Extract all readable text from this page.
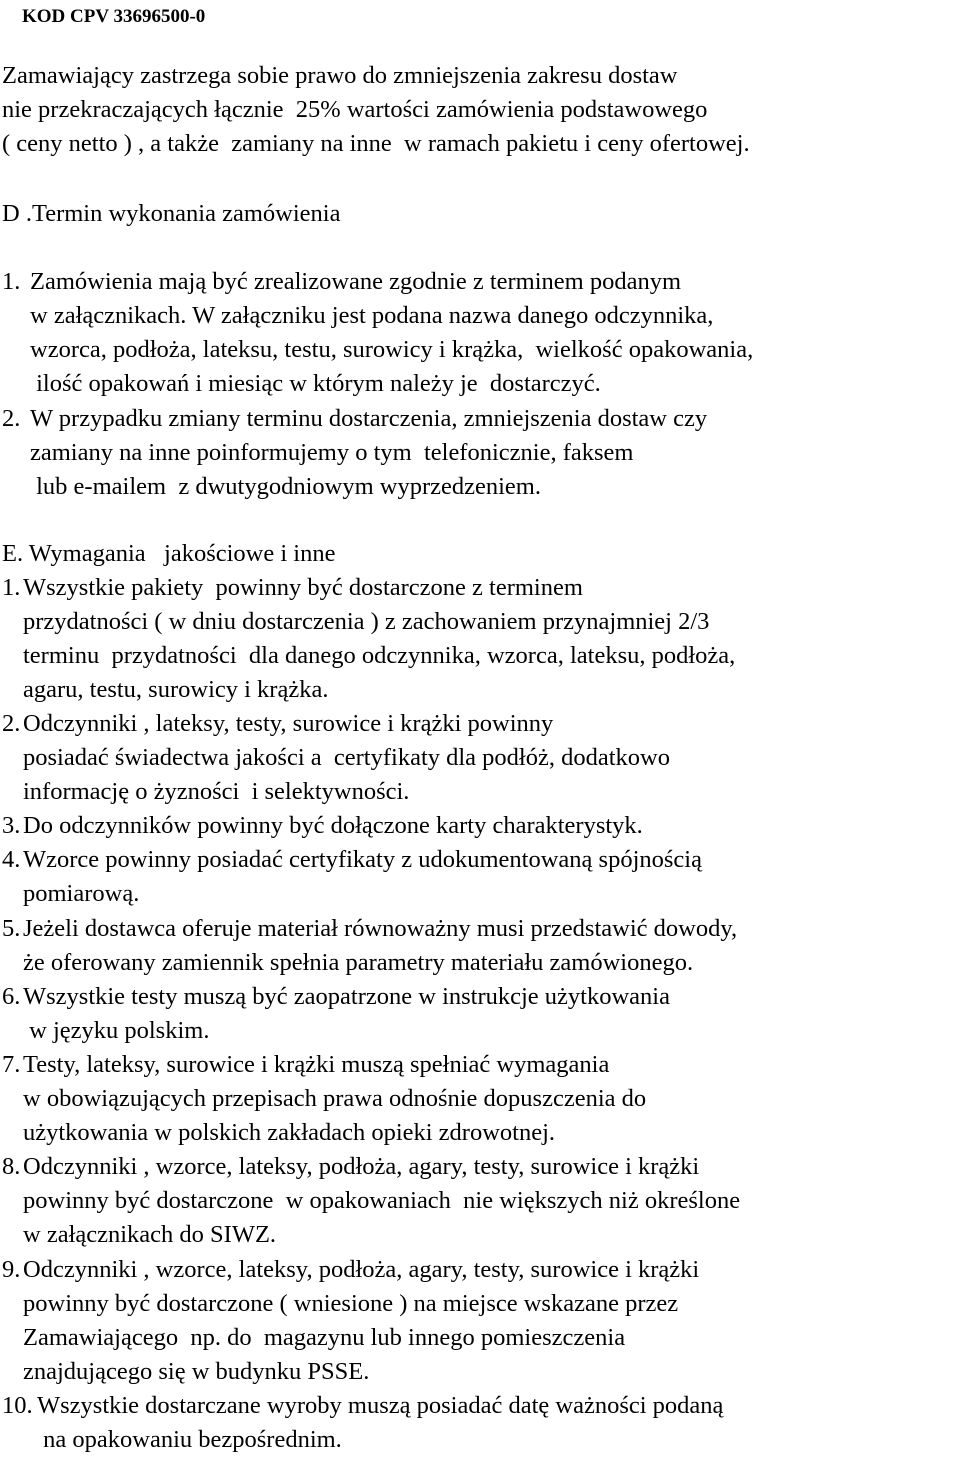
KOD CPV 33696500-0
Zamawiający zastrzega sobie prawo do zmniejszenia zakresu dostaw
nie przekraczających łącznie  25% wartości zamówienia podstawowego
( ceny netto ) , a także  zamiany na inne  w ramach pakietu i ceny ofertowej.
D .Termin wykonania zamówienia
1. Zamówienia mają być zrealizowane zgodnie z terminem podanym
w załącznikach. W załączniku jest podana nazwa danego odczynnika,
wzorca, podłoża, lateksu, testu, surowicy i krążka,  wielkość opakowania,
ilość opakowań i miesiąc w którym należy je  dostarczyć.
2. W przypadku zmiany terminu dostarczenia, zmniejszenia dostaw czy
zamiany na inne poinformujemy o tym  telefonicznie, faksem
lub e-mailem  z dwutygodniowym wyprzedzeniem.
E. Wymagania   jakościowe i inne
1. Wszystkie pakiety  powinny być dostarczone z terminem
przydatności ( w dniu dostarczenia ) z zachowaniem przynajmniej 2/3
terminu  przydatności  dla danego odczynnika, wzorca, lateksu, podłoża,
agaru, testu, surowicy i krążka.
2. Odczynniki , lateksy, testy, surowice i krążki powinny
posiadać świadectwa jakości a  certyfikaty dla podłóż, dodatkowo
informację o żyzności  i selektywności.
3. Do odczynników powinny być dołączone karty charakterystyk.
4. Wzorce powinny posiadać certyfikaty z udokumentowaną spójnością
pomiarową.
5. Jeżeli dostawca oferuje materiał równoważny musi przedstawić dowody,
że oferowany zamiennik spełnia parametry materiału zamówionego.
6. Wszystkie testy muszą być zaopatrzone w instrukcje użytkowania
w języku polskim.
7. Testy, lateksy, surowice i krążki muszą spełniać wymagania
w obowiązujących przepisach prawa odnośnie dopuszczenia do
użytkowania w polskich zakładach opieki zdrowotnej.
8. Odczynniki , wzorce, lateksy, podłoża, agary, testy, surowice i krążki
powinny być dostarczone  w opakowaniach  nie większych niż określone
w załącznikach do SIWZ.
9. Odczynniki , wzorce, lateksy, podłoża, agary, testy, surowice i krążki
powinny być dostarczone ( wniesione ) na miejsce wskazane przez
Zamawiającego  np. do  magazynu lub innego pomieszczenia
znajdującego się w budynku PSSE.
10. Wszystkie dostarczane wyroby muszą posiadać datę ważności podaną
na opakowaniu bezpośrednim.
